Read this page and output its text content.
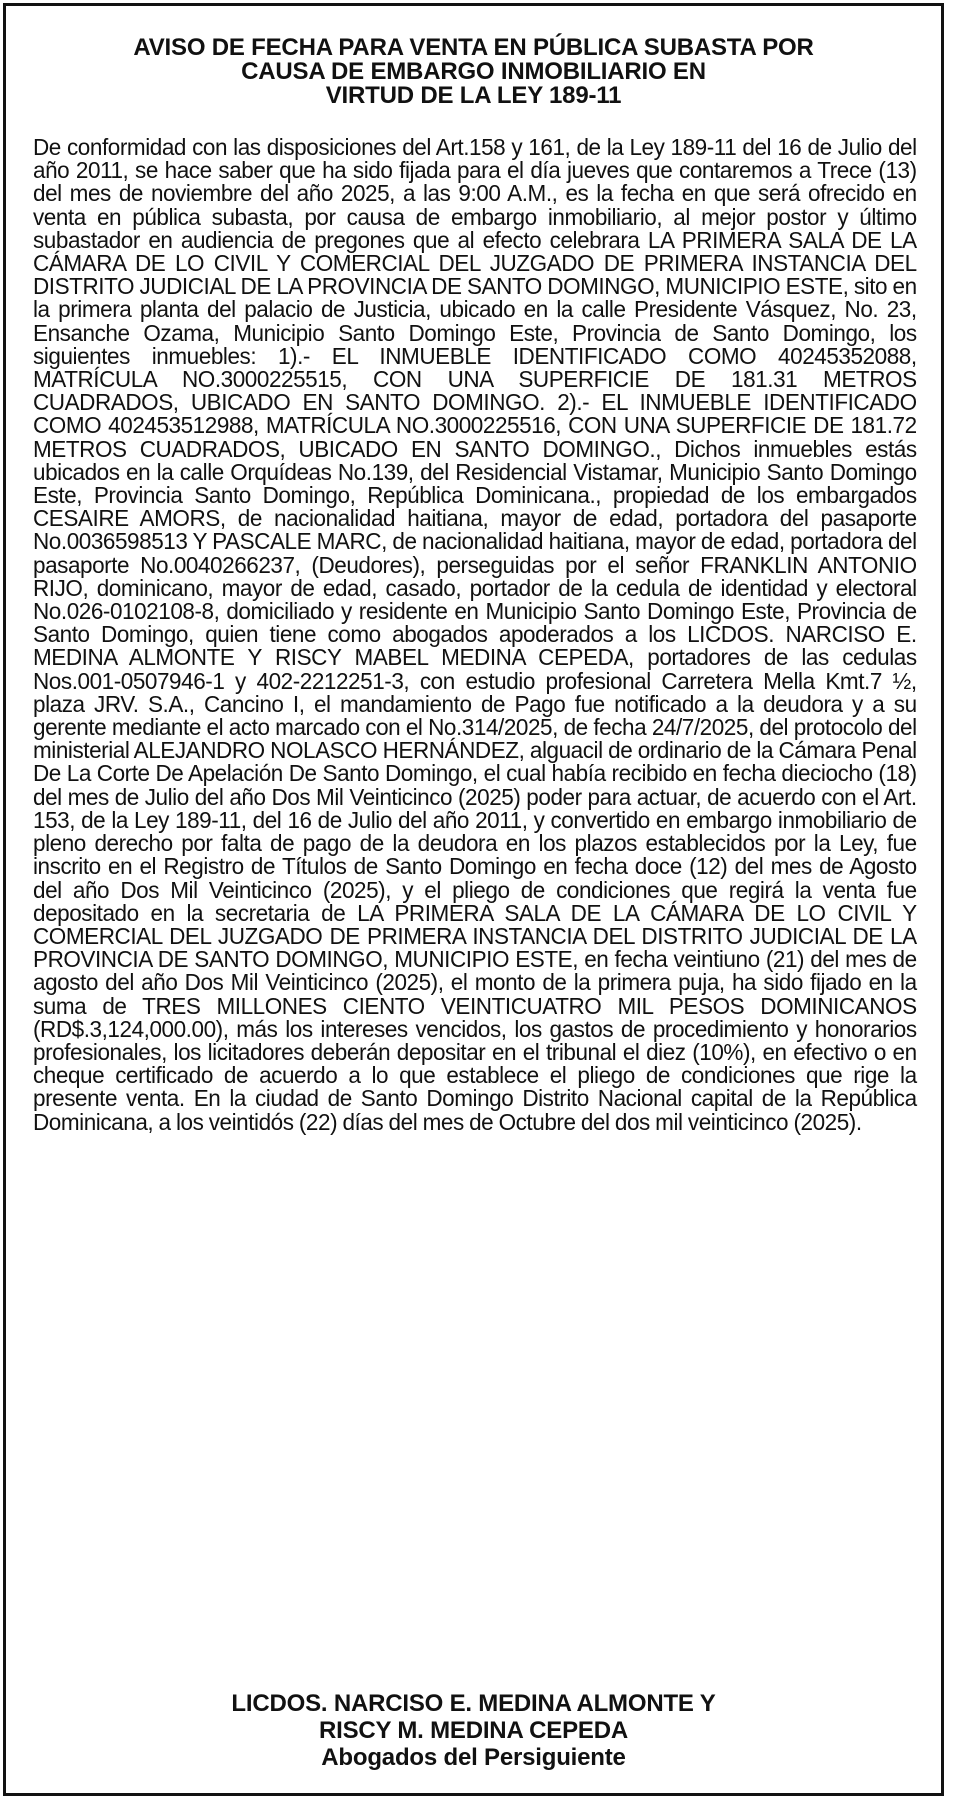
AVISO DE FECHA PARA VENTA EN PÚBLICA SUBASTA POR
CAUSA DE EMBARGO INMOBILIARIO EN
VIRTUD DE LA LEY 189-11
De conformidad con las disposiciones del Art.158 y 161, de la Ley 189-11 del 16 de Julio del año 2011, se hace saber que ha sido fijada para el día jueves que contaremos a Trece (13) del mes de noviembre del año 2025, a las 9:00 A.M., es la fecha en que será ofrecido en venta en pública subasta, por causa de embargo inmobiliario, al mejor postor y último subastador en audiencia de pregones que al efecto celebrara LA PRIMERA SALA DE LA CÁMARA DE LO CIVIL Y COMERCIAL DEL JUZGADO DE PRIMERA INSTANCIA DEL DISTRITO JUDICIAL DE LA PROVINCIA DE SANTO DOMINGO, MUNICIPIO ESTE, sito en la primera planta del palacio de Justicia, ubicado en la calle Presidente Vásquez, No. 23, Ensanche Ozama, Municipio Santo Domingo Este, Provincia de Santo Domingo, los siguientes inmuebles: 1).- EL INMUEBLE IDENTIFICADO COMO 40245352088, MATRÍCULA NO.3000225515, CON UNA SUPERFICIE DE 181.31 METROS CUADRADOS, UBICADO EN SANTO DOMINGO. 2).- EL INMUEBLE IDENTIFICADO COMO 402453512988, MATRÍCULA NO.3000225516, CON UNA SUPERFICIE DE 181.72 METROS CUADRADOS, UBICADO EN SANTO DOMINGO., Dichos inmuebles estás ubicados en la calle Orquídeas No.139, del Residencial Vistamar, Municipio Santo Domingo Este, Provincia Santo Domingo, República Dominicana., propiedad de los embargados CESAIRE AMORS, de nacionalidad haitiana, mayor de edad, portadora del pasaporte No.0036598513 Y PASCALE MARC, de nacionalidad haitiana, mayor de edad, portadora del pasaporte No.0040266237, (Deudores), perseguidas por el señor FRANKLIN ANTONIO RIJO, dominicano, mayor de edad, casado, portador de la cedula de identidad y electoral No.026-0102108-8, domiciliado y residente en Municipio Santo Domingo Este, Provincia de Santo Domingo, quien tiene como abogados apoderados a los LICDOS. NARCISO E. MEDINA ALMONTE Y RISCY MABEL MEDINA CEPEDA, portadores de las cedulas Nos.001-0507946-1 y 402-2212251-3, con estudio profesional Carretera Mella Kmt.7 ½, plaza JRV. S.A., Cancino I, el mandamiento de Pago fue notificado a la deudora y a su gerente mediante el acto marcado con el No.314/2025, de fecha 24/7/2025, del protocolo del ministerial ALEJANDRO NOLASCO HERNÁNDEZ, alguacil de ordinario de la Cámara Penal De La Corte De Apelación De Santo Domingo, el cual había recibido en fecha dieciocho (18) del mes de Julio del año Dos Mil Veinticinco (2025) poder para actuar, de acuerdo con el Art. 153, de la Ley 189-11, del 16 de Julio del año 2011, y convertido en embargo inmobiliario de pleno derecho por falta de pago de la deudora en los plazos establecidos por la Ley, fue inscrito en el Registro de Títulos de Santo Domingo en fecha doce (12) del mes de Agosto del año Dos Mil Veinticinco (2025), y el pliego de condiciones que regirá la venta fue depositado en la secretaria de LA PRIMERA SALA DE LA CÁMARA DE LO CIVIL Y COMERCIAL DEL JUZGADO DE PRIMERA INSTANCIA DEL DISTRITO JUDICIAL DE LA PROVINCIA DE SANTO DOMINGO, MUNICIPIO ESTE, en fecha veintiuno (21) del mes de agosto del año Dos Mil Veinticinco (2025), el monto de la primera puja, ha sido fijado en la suma de TRES MILLONES CIENTO VEINTICUATRO MIL PESOS DOMINICANOS (RD$.3,124,000.00), más los intereses vencidos, los gastos de procedimiento y honorarios profesionales, los licitadores deberán depositar en el tribunal el diez (10%), en efectivo o en cheque certificado de acuerdo a lo que establece el pliego de condiciones que rige la presente venta. En la ciudad de Santo Domingo Distrito Nacional capital de la República Dominicana, a los veintidós (22) días del mes de Octubre del dos mil veinticinco (2025).
LICDOS. NARCISO E. MEDINA ALMONTE Y
RISCY M. MEDINA CEPEDA
Abogados del Persiguiente
